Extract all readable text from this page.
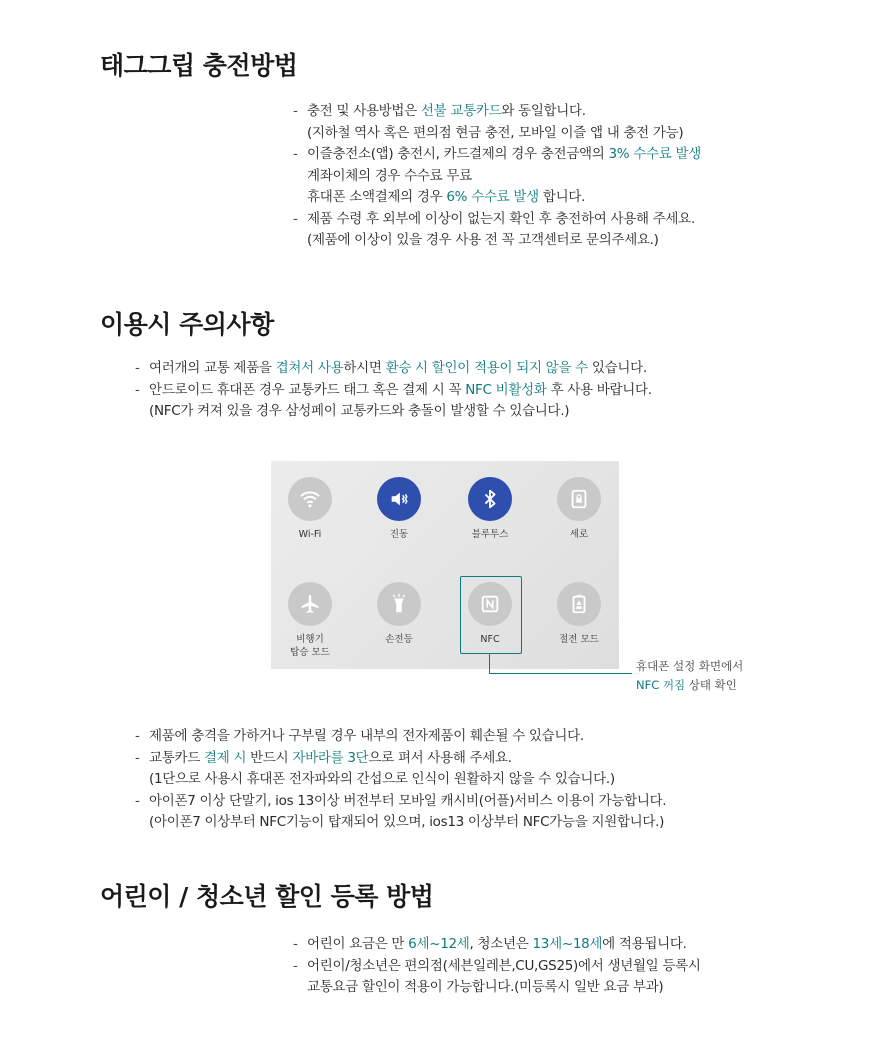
태그그립 충전방법
- 충전 및 사용방법은 선불 교통카드와 동일합니다.
(지하철 역사 혹은 편의점 현금 충전, 모바일 이즐 앱 내 충전 가능)
- 이즐충전소(앱) 충전시, 카드결제의 경우 충전금액의 3% 수수료 발생
계좌이체의 경우 수수료 무료
휴대폰 소액결제의 경우 6% 수수료 발생 합니다.
- 제품 수령 후 외부에 이상이 없는지 확인 후 충전하여 사용해 주세요.
(제품에 이상이 있을 경우 사용 전 꼭 고객센터로 문의주세요.)
이용시 주의사항
- 여러개의 교통 제품을 겹쳐서 사용하시면 환승 시 할인이 적용이 되지 않을 수 있습니다.
- 안드로이드 휴대폰 경우 교통카드 태그 혹은 결제 시 꼭 NFC 비활성화 후 사용 바랍니다.
(NFC가 켜져 있을 경우 삼성페이 교통카드와 충돌이 발생할 수 있습니다.)
Wi-Fi	진동	블루투스	세로
비행기
탑승 모드
손전등	NFC	절전 모드
휴대폰 설정 화면에서
NFC 꺼짐 상태 확인
- 제품에 충격을 가하거나 구부릴 경우 내부의 전자제품이 훼손될 수 있습니다.
- 교통카드 결제 시 반드시 자바라를 3단으로 펴서 사용해 주세요.
(1단으로 사용시 휴대폰 전자파와의 간섭으로 인식이 원활하지 않을 수 있습니다.)
- 아이폰7 이상 단말기, ios 13이상 버전부터 모바일 캐시비(어플)서비스 이용이 가능합니다.
(아이폰7 이상부터 NFC기능이 탑재되어 있으며, ios13 이상부터 NFC가능을 지원합니다.)
어린이 / 청소년 할인 등록 방법
- 어린이 요금은 만 6세~12세, 청소년은 13세~18세에 적용됩니다.
- 어린이/청소년은 편의점(세븐일레븐,CU,GS25)에서 생년월일 등록시
교통요금 할인이 적용이 가능합니다.(미등록시 일반 요금 부과)
